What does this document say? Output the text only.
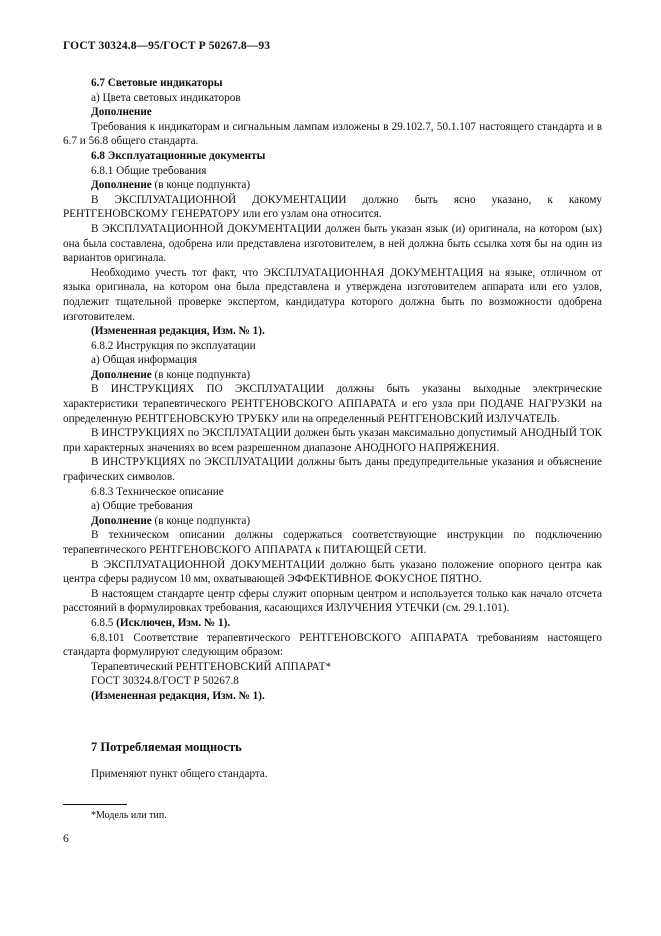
ГОСТ 30324.8—95/ГОСТ Р 50267.8—93

6.7 Световые индикаторы

а) Цвета световых индикаторов

Дополнение

Требования к индикаторам и сигнальным лампам изложены в 29.102.7, 50.1.107 настоящего стандарта и в 6.7 и 56.8 общего стандарта.

6.8 Эксплуатационные документы

6.8.1 Общие требования

Дополнение (в конце подпункта)

В ЭКСПЛУАТАЦИОННОЙ ДОКУМЕНТАЦИИ должно быть ясно указано, к какому РЕНТГЕНОВСКОМУ ГЕНЕРАТОРУ или его узлам она относится.

В ЭКСПЛУАТАЦИОННОЙ ДОКУМЕНТАЦИИ должен быть указан язык (и) оригинала, на котором (ых) она была составлена, одобрена или представлена изготовителем, в ней должна быть ссылка хотя бы на один из вариантов оригинала.

Необходимо учесть тот факт, что ЭКСПЛУАТАЦИОННАЯ ДОКУМЕНТАЦИЯ на языке, отличном от языка оригинала, на котором она была представлена и утверждена изготовителем аппарата или его узлов, подлежит тщательной проверке экспертом, кандидатура которого должна быть по возможности одобрена изготовителем.

(Измененная редакция, Изм. № 1).

6.8.2 Инструкция по эксплуатации

а) Общая информация

Дополнение (в конце подпункта)

В ИНСТРУКЦИЯХ ПО ЭКСПЛУАТАЦИИ должны быть указаны выходные электрические характеристики терапевтического РЕНТГЕНОВСКОГО АППАРАТА и его узла при ПОДАЧЕ НАГРУЗКИ на определенную РЕНТГЕНОВСКУЮ ТРУБКУ или на определенный РЕНТГЕНОВСКИЙ ИЗЛУЧАТЕЛЬ.

В ИНСТРУКЦИЯХ по ЭКСПЛУАТАЦИИ должен быть указан максимально допустимый АНОДНЫЙ ТОК при характерных значениях во всем разрешенном диапазоне АНОДНОГО НАПРЯЖЕНИЯ.

В ИНСТРУКЦИЯХ по ЭКСПЛУАТАЦИИ должны быть даны предупредительные указания и объяснение графических символов.

6.8.3 Техническое описание

а) Общие требования

Дополнение (в конце подпункта)

В техническом описании должны содержаться соответствующие инструкции по подключению терапевтического РЕНТГЕНОВСКОГО АППАРАТА к ПИТАЮЩЕЙ СЕТИ.

В ЭКСПЛУАТАЦИОННОЙ ДОКУМЕНТАЦИИ должно быть указано положение опорного центра как центра сферы радиусом 10 мм, охватывающей ЭФФЕКТИВНОЕ ФОКУСНОЕ ПЯТНО.

В настоящем стандарте центр сферы служит опорным центром и используется только как начало отсчета расстояний в формулировках требования, касающихся ИЗЛУЧЕНИЯ УТЕЧКИ (см. 29.1.101).

6.8.5 (Исключен, Изм. № 1).

6.8.101 Соответствие терапевтического РЕНТГЕНОВСКОГО АППАРАТА требованиям настоящего стандарта формулируют следующим образом:

Терапевтический РЕНТГЕНОВСКИЙ АППАРАТ*

ГОСТ 30324.8/ГОСТ Р 50267.8

(Измененная редакция, Изм. № 1).

7 Потребляемая мощность
Применяют пункт общего стандарта.
*Модель или тип.
6
